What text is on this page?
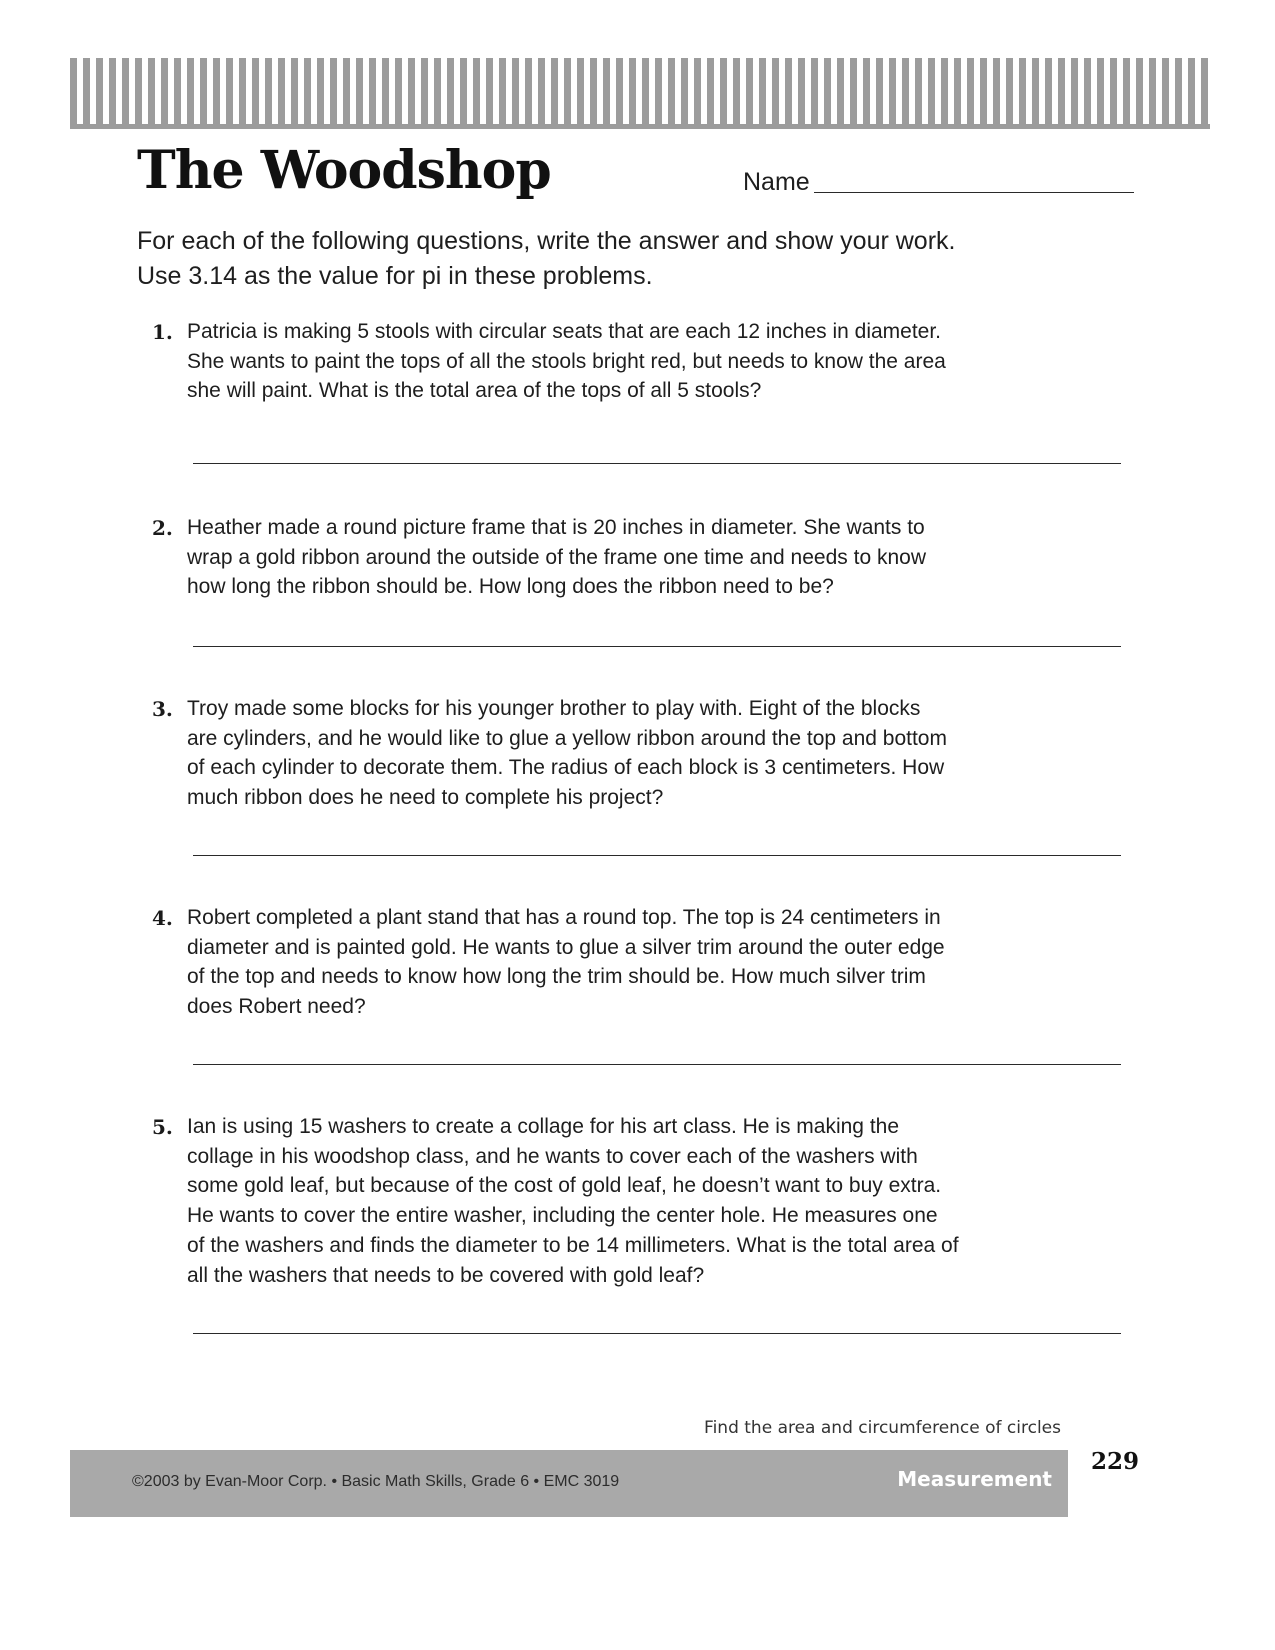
The Woodshop	Name

For each of the following questions, write the answer and show your work.

Use 3.14 as the value for pi in these problems.

1. Patricia is making 5 stools with circular seats that are each 12 inches in diameter.
She wants to paint the tops of all the stools bright red, but needs to know the area
she will paint. What is the total area of the tops of all 5 stools?
2. Heather made a round picture frame that is 20 inches in diameter. She wants to
wrap a gold ribbon around the outside of the frame one time and needs to know
how long the ribbon should be. How long does the ribbon need to be?
3. Troy made some blocks for his younger brother to play with. Eight of the blocks
are cylinders, and he would like to glue a yellow ribbon around the top and bottom
of each cylinder to decorate them. The radius of each block is 3 centimeters. How
much ribbon does he need to complete his project?
4. Robert completed a plant stand that has a round top. The top is 24 centimeters in
diameter and is painted gold. He wants to glue a silver trim around the outer edge
of the top and needs to know how long the trim should be. How much silver trim
does Robert need?
5. Ian is using 15 washers to create a collage for his art class. He is making the
collage in his woodshop class, and he wants to cover each of the washers with
some gold leaf, but because of the cost of gold leaf, he doesn’t want to buy extra.
He wants to cover the entire washer, including the center hole. He measures one
of the washers and finds the diameter to be 14 millimeters. What is the total area of
all the washers that needs to be covered with gold leaf?
Find the area and circumference of circles
©2003 by Evan-Moor Corp. • Basic Math Skills, Grade 6 • EMC 3019	Measurement
229
